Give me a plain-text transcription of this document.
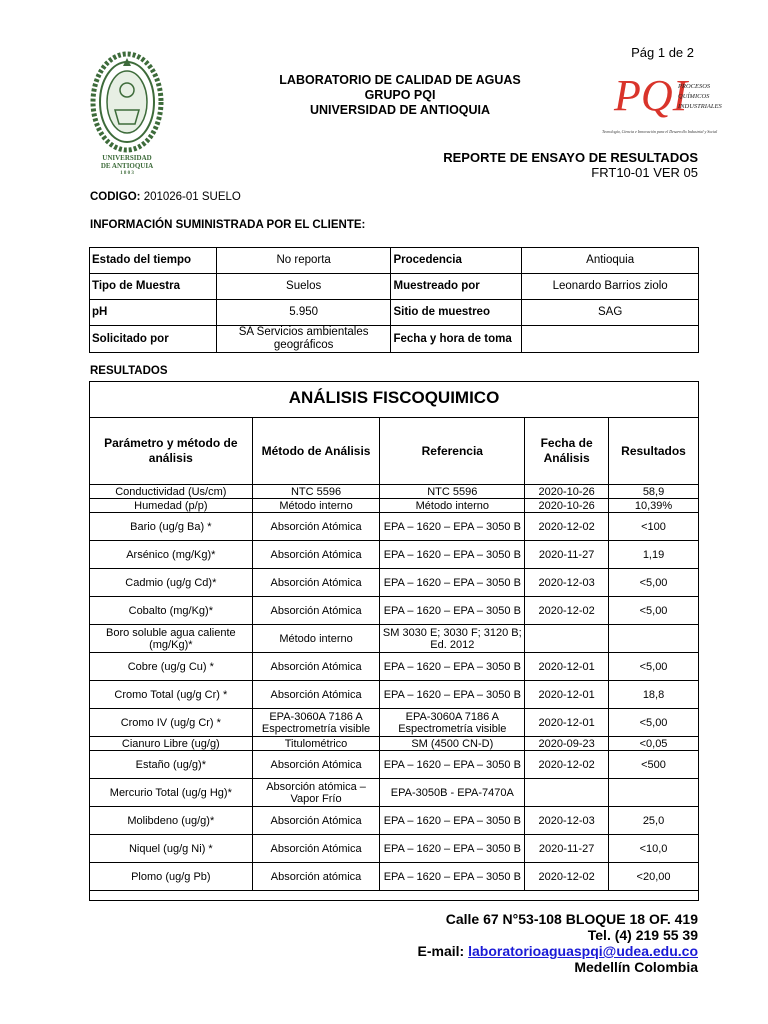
Pág 1 de 2
UNIVERSIDAD
DE ANTIOQUIA
1 8 0 3
LABORATORIO DE CALIDAD DE AGUAS
GRUPO PQI
UNIVERSIDAD DE ANTIOQUIA	PQI
PROCESOS
QUÍMICOS
INDUSTRIALES
Tecnología, Ciencia e Innovación para el Desarrollo Industrial y Social
REPORTE DE ENSAYO DE RESULTADOS
FRT10-01 VER 05
CODIGO: 201026-01 SUELO
INFORMACIÓN SUMINISTRADA POR EL CLIENTE:
Estado del tiempo	No reporta	Procedencia	Antioquia
Tipo de Muestra	Suelos	Muestreado por	Leonardo Barrios ziolo
pH	5.950	Sitio de muestreo	SAG
Solicitado por	SA Servicios ambientales geográficos	Fecha y hora de toma	
RESULTADOS
ANÁLISIS FISCOQUIMICO
Parámetro y método de análisis	Método de Análisis	Referencia	Fecha de Análisis	Resultados
Conductividad (Us/cm)	NTC 5596	NTC 5596	2020-10-26	58,9
Humedad (p/p)	Método interno	Método interno	2020-10-26	10,39%
Bario (ug/g Ba) *	Absorción Atómica	EPA – 1620 – EPA – 3050 B	2020-12-02	<100
Arsénico (mg/Kg)*	Absorción Atómica	EPA – 1620 – EPA – 3050 B	2020-11-27	1,19
Cadmio (ug/g Cd)*	Absorción Atómica	EPA – 1620 – EPA – 3050 B	2020-12-03	<5,00
Cobalto (mg/Kg)*	Absorción Atómica	EPA – 1620 – EPA – 3050 B	2020-12-02	<5,00
Boro soluble agua caliente (mg/Kg)*	Método interno	SM 3030 E; 3030 F; 3120 B; Ed. 2012		
Cobre (ug/g Cu) *	Absorción Atómica	EPA – 1620 – EPA – 3050 B	2020-12-01	<5,00
Cromo Total (ug/g Cr) *	Absorción Atómica	EPA – 1620 – EPA – 3050 B	2020-12-01	18,8
Cromo IV (ug/g Cr) *	EPA-3060A 7186 A Espectrometría visible	EPA-3060A 7186 A Espectrometría visible	2020-12-01	<5,00
Cianuro Libre (ug/g)	Titulométrico	SM (4500 CN-D)	2020-09-23	<0,05
Estaño (ug/g)*	Absorción Atómica	EPA – 1620 – EPA – 3050 B	2020-12-02	<500
Mercurio Total (ug/g Hg)*	Absorción atómica – Vapor Frío	EPA-3050B - EPA-7470A		
Molibdeno (ug/g)*	Absorción Atómica	EPA – 1620 – EPA – 3050 B	2020-12-03	25,0
Niquel (ug/g Ni) *	Absorción Atómica	EPA – 1620 – EPA – 3050 B	2020-11-27	<10,0
Plomo (ug/g Pb)	Absorción atómica	EPA – 1620 – EPA – 3050 B	2020-12-02	<20,00
Calle 67 N°53-108 BLOQUE 18 OF. 419
Tel. (4) 219 55 39
E-mail: laboratorioaguaspqi@udea.edu.co
Medellín Colombia
